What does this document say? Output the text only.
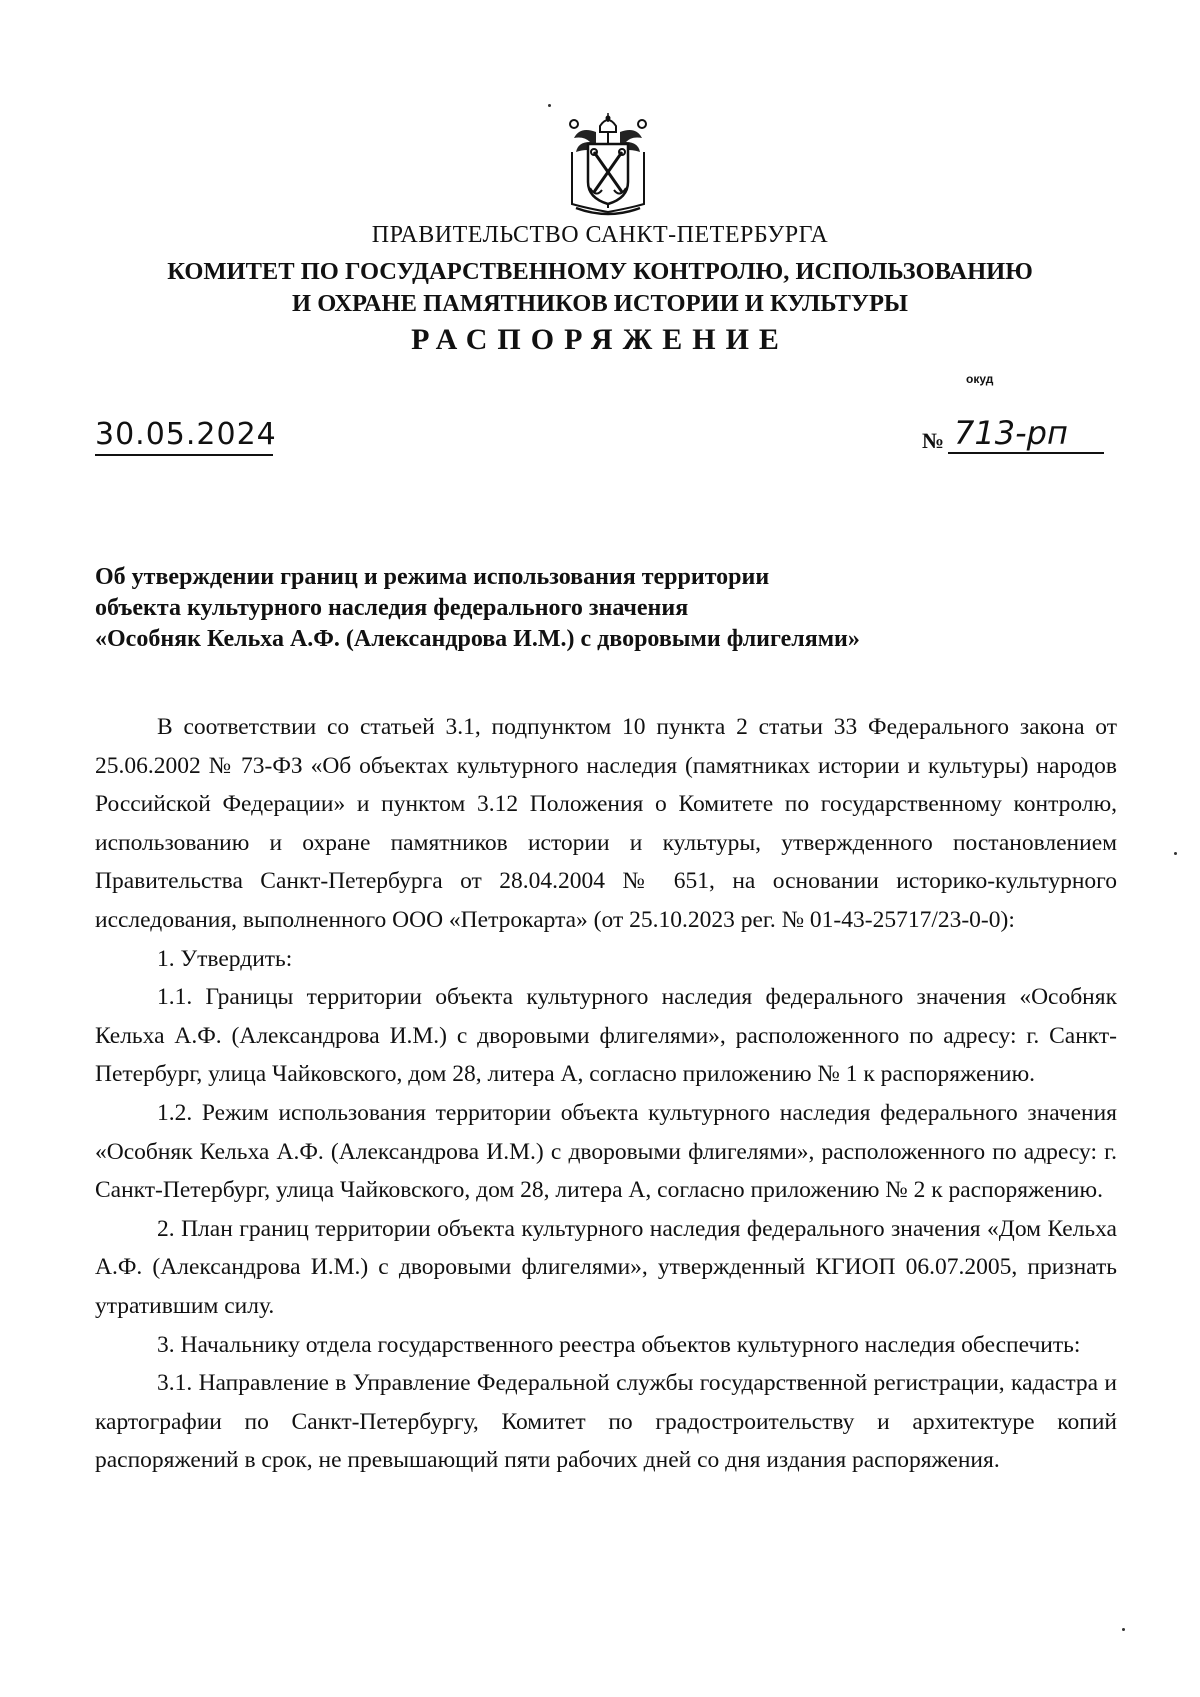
ПРАВИТЕЛЬСТВО САНКТ-ПЕТЕРБУРГА
КОМИТЕТ ПО ГОСУДАРСТВЕННОМУ КОНТРОЛЮ, ИСПОЛЬЗОВАНИЮ
И ОХРАНЕ ПАМЯТНИКОВ ИСТОРИИ И КУЛЬТУРЫ
РАСПОРЯЖЕНИЕ
окуд
30.05.2024	№ 713-рп
Об утверждении границ и режима использования территории
объекта культурного наследия федерального значения
«Особняк Кельха А.Ф. (Александрова И.М.) с дворовыми флигелями»

В соответствии со статьей 3.1, подпунктом 10 пункта 2 статьи 33 Федерального закона от 25.06.2002 № 73-ФЗ «Об объектах культурного наследия (памятниках истории и культуры) народов Российской Федерации» и пунктом 3.12 Положения о Комитете по государственному контролю, использованию и охране памятников истории и культуры, утвержденного постановлением Правительства Санкт-Петербурга от 28.04.2004 № 651, на основании историко-культурного исследования, выполненного ООО «Петрокарта» (от 25.10.2023 рег. № 01-43-25717/23-0-0):

1. Утвердить:

1.1. Границы территории объекта культурного наследия федерального значения «Особняк Кельха А.Ф. (Александрова И.М.) с дворовыми флигелями», расположенного по адресу: г. Санкт-Петербург, улица Чайковского, дом 28, литера А, согласно приложению № 1 к распоряжению.

1.2. Режим использования территории объекта культурного наследия федерального значения «Особняк Кельха А.Ф. (Александрова И.М.) с дворовыми флигелями», расположенного по адресу: г. Санкт-Петербург, улица Чайковского, дом 28, литера А, согласно приложению № 2 к распоряжению.

2. План границ территории объекта культурного наследия федерального значения «Дом Кельха А.Ф. (Александрова И.М.) с дворовыми флигелями», утвержденный КГИОП 06.07.2005, признать утратившим силу.

3. Начальнику отдела государственного реестра объектов культурного наследия обеспечить:

3.1. Направление в Управление Федеральной службы государственной регистрации, кадастра и картографии по Санкт-Петербургу, Комитет по градостроительству и архитектуре копий распоряжений в срок, не превышающий пяти рабочих дней со дня издания распоряжения.
